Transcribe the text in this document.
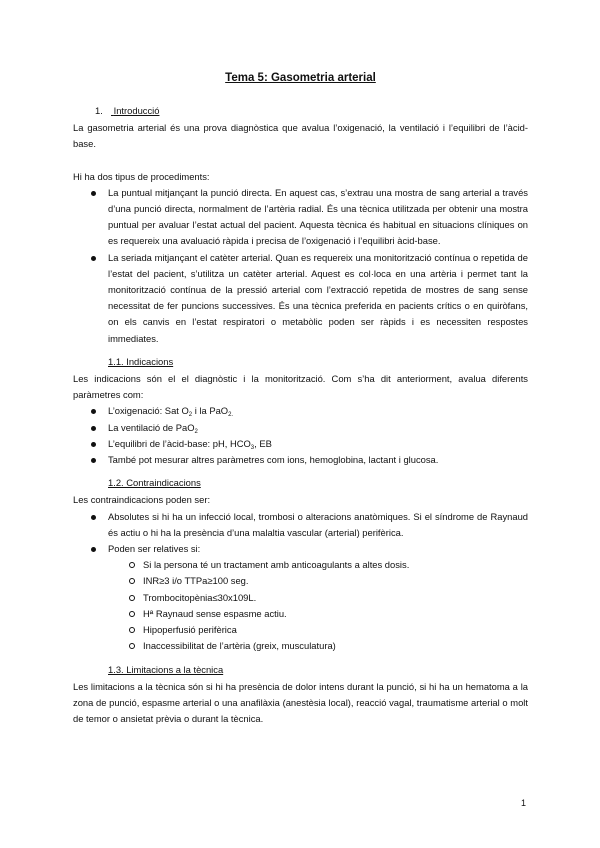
Tema 5: Gasometria arterial
1. Introducció

La gasometria arterial és una prova diagnòstica que avalua l’oxigenació, la ventilació i l’equilibri de l’àcid-base.

Hi ha dos tipus de procediments:

La puntual mitjançant la punció directa. En aquest cas, s’extrau una mostra de sang arterial a través d’una punció directa, normalment de l’artèria radial. És una tècnica utilitzada per obtenir una mostra puntual per avaluar l’estat actual del pacient. Aquesta tècnica és habitual en situacions clíniques on es requereix una avaluació ràpida i precisa de l’oxigenació i l’equilibri àcid-base.
La seriada mitjançant el catèter arterial. Quan es requereix una monitorització contínua o repetida de l’estat del pacient, s’utilitza un catèter arterial. Aquest es col·loca en una artèria i permet tant la monitorització contínua de la pressió arterial com l’extracció repetida de mostres de sang sense necessitat de fer puncions successives. És una tècnica preferida en pacients crítics o en quiròfans, on els canvis en l’estat respiratori o metabòlic poden ser ràpids i es necessiten respostes immediates.
1.1. Indicacions

Les indicacions són el el diagnòstic i la monitorització. Com s’ha dit anteriorment, avalua diferents paràmetres com:

L’oxigenació: Sat $O_2$ i la PaO$_{2.}$
La ventilació de PaO$_2$
L’equilibri de l’àcid-base: pH, $HCO_3$, EB
També pot mesurar altres paràmetres com ions, hemoglobina, lactant i glucosa.
1.2. Contraindicacions

Les contraindicacions poden ser:

Absolutes si hi ha un infecció local, trombosi o alteracions anatòmiques. Si el síndrome de Raynaud és actiu o hi ha la presència d’una malaltia vascular (arterial) perifèrica.
Poden ser relatives si:
Si la persona té un tractament amb anticoagulants a altes dosis.
INR≥3 i/o TTPa≥100 seg.
Trombocitopènia≤30x109L.
Hª Raynaud sense espasme actiu.
Hipoperfusió perifèrica
Inaccessibilitat de l’artèria (greix, musculatura)
1.3. Limitacions a la tècnica

Les limitacions a la tècnica són si hi ha presència de dolor intens durant la punció, si hi ha un hematoma a la zona de punció, espasme arterial o una anafilàxia (anestèsia local), reacció vagal, traumatisme arterial o molt de temor o ansietat prèvia o durant la tècnica.

1
